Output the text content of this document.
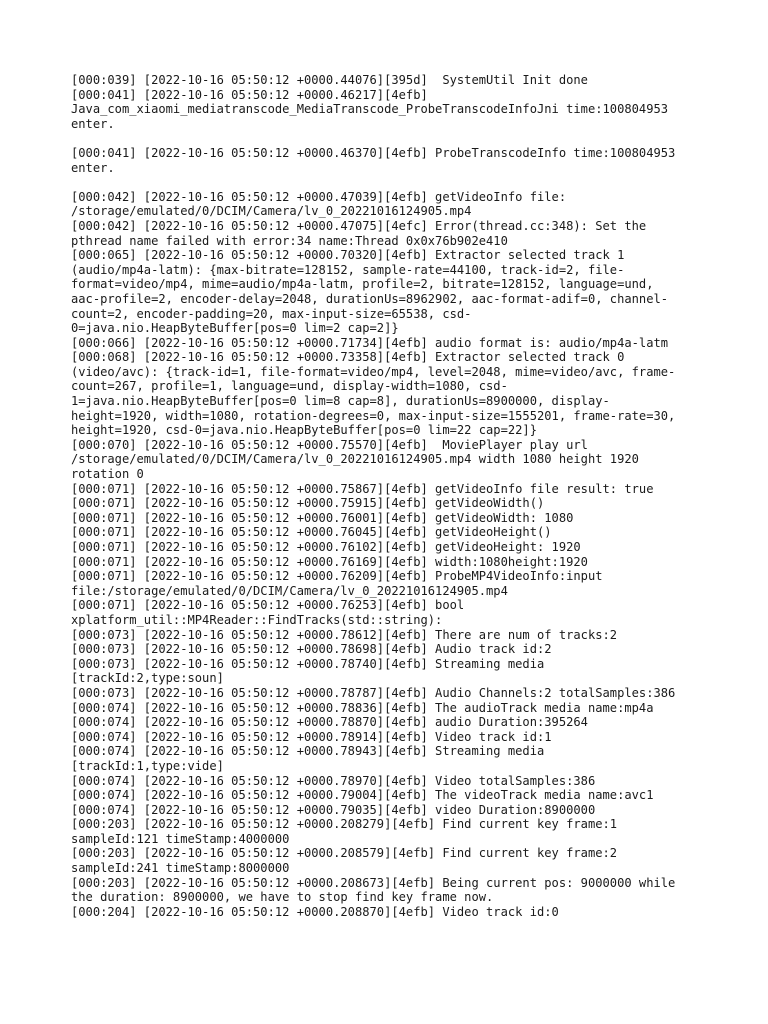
[000:039] [2022-10-16 05:50:12 +0000.44076][395d]  SystemUtil Init done
[000:041] [2022-10-16 05:50:12 +0000.46217][4efb]
Java_com_xiaomi_mediatranscode_MediaTranscode_ProbeTranscodeInfoJni time:100804953
enter.
[000:041] [2022-10-16 05:50:12 +0000.46370][4efb] ProbeTranscodeInfo time:100804953
enter.
[000:042] [2022-10-16 05:50:12 +0000.47039][4efb] getVideoInfo file:
/storage/emulated/0/DCIM/Camera/lv_0_20221016124905.mp4
[000:042] [2022-10-16 05:50:12 +0000.47075][4efc] Error(thread.cc:348): Set the
pthread name failed with error:34 name:Thread 0x0x76b902e410
[000:065] [2022-10-16 05:50:12 +0000.70320][4efb] Extractor selected track 1
(audio/mp4a-latm): {max-bitrate=128152, sample-rate=44100, track-id=2, file-
format=video/mp4, mime=audio/mp4a-latm, profile=2, bitrate=128152, language=und,
aac-profile=2, encoder-delay=2048, durationUs=8962902, aac-format-adif=0, channel-
count=2, encoder-padding=20, max-input-size=65538, csd-
0=java.nio.HeapByteBuffer[pos=0 lim=2 cap=2]}
[000:066] [2022-10-16 05:50:12 +0000.71734][4efb] audio format is: audio/mp4a-latm
[000:068] [2022-10-16 05:50:12 +0000.73358][4efb] Extractor selected track 0
(video/avc): {track-id=1, file-format=video/mp4, level=2048, mime=video/avc, frame-
count=267, profile=1, language=und, display-width=1080, csd-
1=java.nio.HeapByteBuffer[pos=0 lim=8 cap=8], durationUs=8900000, display-
height=1920, width=1080, rotation-degrees=0, max-input-size=1555201, frame-rate=30,
height=1920, csd-0=java.nio.HeapByteBuffer[pos=0 lim=22 cap=22]}
[000:070] [2022-10-16 05:50:12 +0000.75570][4efb]  MoviePlayer play url
/storage/emulated/0/DCIM/Camera/lv_0_20221016124905.mp4 width 1080 height 1920
rotation 0
[000:071] [2022-10-16 05:50:12 +0000.75867][4efb] getVideoInfo file result: true
[000:071] [2022-10-16 05:50:12 +0000.75915][4efb] getVideoWidth()
[000:071] [2022-10-16 05:50:12 +0000.76001][4efb] getVideoWidth: 1080
[000:071] [2022-10-16 05:50:12 +0000.76045][4efb] getVideoHeight()
[000:071] [2022-10-16 05:50:12 +0000.76102][4efb] getVideoHeight: 1920
[000:071] [2022-10-16 05:50:12 +0000.76169][4efb] width:1080height:1920
[000:071] [2022-10-16 05:50:12 +0000.76209][4efb] ProbeMP4VideoInfo:input
file:/storage/emulated/0/DCIM/Camera/lv_0_20221016124905.mp4
[000:071] [2022-10-16 05:50:12 +0000.76253][4efb] bool
xplatform_util::MP4Reader::FindTracks(std::string):
[000:073] [2022-10-16 05:50:12 +0000.78612][4efb] There are num of tracks:2
[000:073] [2022-10-16 05:50:12 +0000.78698][4efb] Audio track id:2
[000:073] [2022-10-16 05:50:12 +0000.78740][4efb] Streaming media
[trackId:2,type:soun]
[000:073] [2022-10-16 05:50:12 +0000.78787][4efb] Audio Channels:2 totalSamples:386
[000:074] [2022-10-16 05:50:12 +0000.78836][4efb] The audioTrack media name:mp4a
[000:074] [2022-10-16 05:50:12 +0000.78870][4efb] audio Duration:395264
[000:074] [2022-10-16 05:50:12 +0000.78914][4efb] Video track id:1
[000:074] [2022-10-16 05:50:12 +0000.78943][4efb] Streaming media
[trackId:1,type:vide]
[000:074] [2022-10-16 05:50:12 +0000.78970][4efb] Video totalSamples:386
[000:074] [2022-10-16 05:50:12 +0000.79004][4efb] The videoTrack media name:avc1
[000:074] [2022-10-16 05:50:12 +0000.79035][4efb] video Duration:8900000
[000:203] [2022-10-16 05:50:12 +0000.208279][4efb] Find current key frame:1
sampleId:121 timeStamp:4000000
[000:203] [2022-10-16 05:50:12 +0000.208579][4efb] Find current key frame:2
sampleId:241 timeStamp:8000000
[000:203] [2022-10-16 05:50:12 +0000.208673][4efb] Being current pos: 9000000 while
the duration: 8900000, we have to stop find key frame now.
[000:204] [2022-10-16 05:50:12 +0000.208870][4efb] Video track id:0
